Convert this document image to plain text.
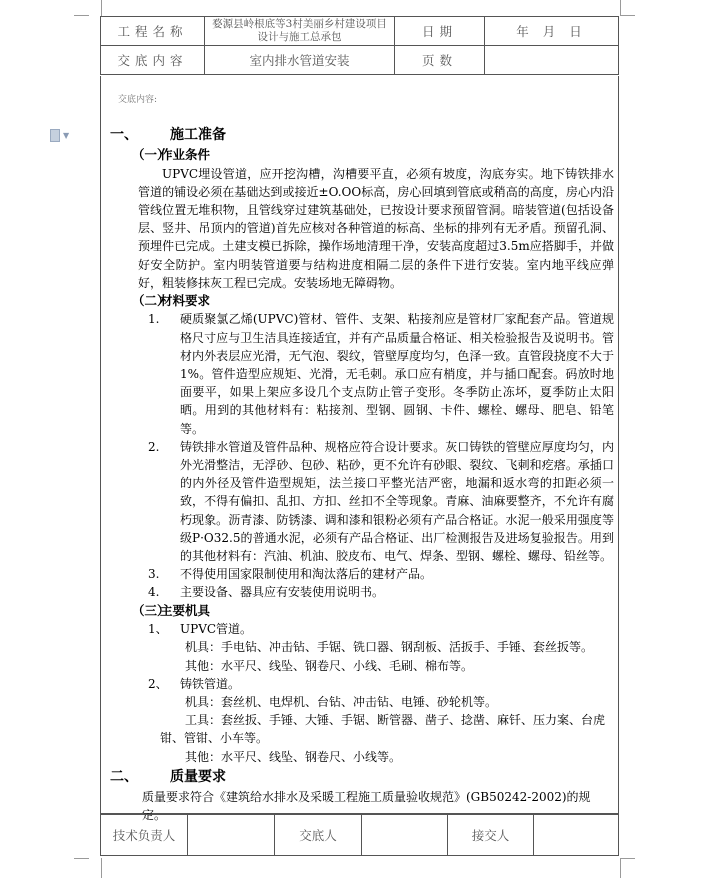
▼
工程名称	婺源县岭根底等3村美丽乡村建设项目设计与施工总承包	日期	年 月 日
交底内容	室内排水管道安装	页数	
交底内容:
一、 施工准备
（一）作业条件
UPVC埋设管道，应开挖沟槽，沟槽要平直，必须有坡度，沟底夯实。地下铸铁排水管道的铺设必须在基础达到或接近±O.OO标高，房心回填到管底或稍高的高度，房心内沿管线位置无堆积物，且管线穿过建筑基础处，已按设计要求预留管洞。暗装管道(包括设备层、竖井、吊顶内的管道)首先应核对各种管道的标高、坐标的排列有无矛盾。预留孔洞、预埋件已完成。土建支模已拆除，操作场地清理干净，安装高度超过3.5m应搭脚手，并做好安全防护。室内明装管道要与结构进度相隔二层的条件下进行安装。室内地平线应弹好，粗装修抹灰工程已完成。安装场地无障碍物。
（二）材料要求
1.	硬质聚氯乙烯(UPVC)管材、管件、支架、粘接剂应是管材厂家配套产品。管道规格尺寸应与卫生洁具连接适宜，并有产品质量合格证、相关检验报告及说明书。管材内外表层应光滑，无气泡、裂纹，管壁厚度均匀，色泽一致。直管段挠度不大于1%。管件造型应规矩、光滑，无毛刺。承口应有梢度，并与插口配套。码放时地面要平，如果上架应多设几个支点防止管子变形。冬季防止冻坏，夏季防止太阳晒。用到的其他材料有：粘接剂、型钢、圆钢、卡件、螺栓、螺母、肥皂、铅笔等。
2.	铸铁排水管道及管件品种、规格应符合设计要求。灰口铸铁的管壁应厚度均匀，内外光滑整洁，无浮砂、包砂、粘砂，更不允许有砂眼、裂纹、飞刺和疙瘩。承插口的内外径及管件造型规矩，法兰接口平整光洁严密，地漏和返水弯的扣距必须一致，不得有偏扣、乱扣、方扣、丝扣不全等现象。青麻、油麻要整齐，不允许有腐朽现象。沥青漆、防锈漆、调和漆和银粉必须有产品合格证。水泥一般采用强度等级P·O32.5的普通水泥，必须有产品合格证、出厂检测报告及进场复验报告。用到的其他材料有：汽油、机油、胶皮布、电气、焊条、型钢、螺栓、螺母、铅丝等。
3.	不得使用国家限制使用和淘汰落后的建材产品。
4.	主要设备、器具应有安装使用说明书。
（三）主要机具
1、	UPVC管道。
机具：手电钻、冲击钻、手锯、铣口器、钢刮板、活扳手、手锤、套丝扳等。
其他：水平尺、线坠、钢卷尺、小线、毛刷、棉布等。
2、	铸铁管道。
机具：套丝机、电焊机、台钻、冲击钻、电锤、砂轮机等。
工具：套丝扳、手锤、大锤、手锯、断管器、凿子、捻凿、麻钎、压力案、台虎钳、管钳、小车等。
其他：水平尺、线坠、钢卷尺、小线等。
二、 质量要求
质量要求符合《建筑给水排水及采暖工程施工质量验收规范》(GB50242-2002)的规定。
技术负责人		交底人		接交人	
